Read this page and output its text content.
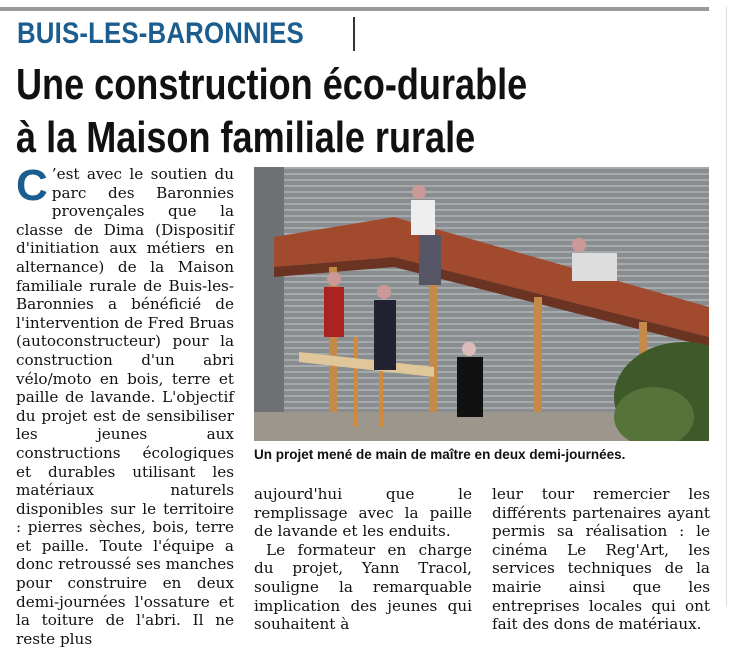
BUIS-LES-BARONNIES
Une construction éco-durable
à la Maison familiale rurale
C ’est avec le soutien du parc des Baronnies provençales que la classe de Dima (Dispositif d'initiation aux métiers en alternance) de la Maison familiale rurale de Buis-les-Baronnies a bénéficié de l'intervention de Fred Bruas (autoconstructeur) pour la construction d'un abri vélo/moto en bois, terre et paille de lavande. L'objectif du projet est de sensibiliser les jeunes aux constructions écologiques et durables utilisant les matériaux naturels disponibles sur le territoire : pierres sèches, bois, terre et paille. Toute l'équipe a donc retroussé ses manches pour construire en deux demi-journées l'ossature et la toiture de l'abri. Il ne reste plus
Un projet mené de main de maître en deux demi-journées.
aujourd'hui que le remplissage avec la paille de lavande et les enduits.
Le formateur en charge du projet, Yann Tracol, souligne la remarquable implication des jeunes qui souhaitent à
leur tour remercier les différents partenaires ayant permis sa réalisation : le cinéma Le Reg'Art, les services techniques de la mairie ainsi que les entreprises locales qui ont fait des dons de matériaux.
